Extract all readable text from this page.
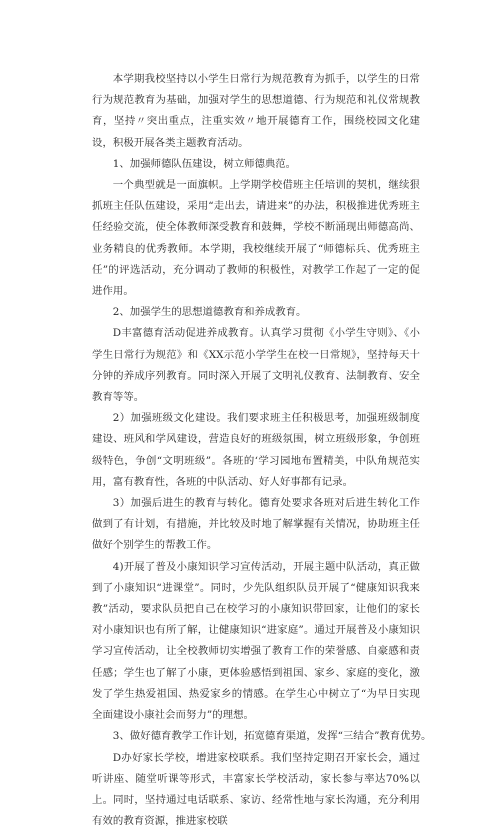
本学期我校坚持以小学生日常行为规范教育为抓手，以学生的日常行为规范教育为基础，加强对学生的思想道德、行为规范和礼仪常规教育，坚持〃突出重点，注重实效〃地开展德育工作，围绕校园文化建设，积极开展各类主题教育活动。

1、加强师德队伍建设，树立师德典范。

一个典型就是一面旗帜。上学期学校借班主任培训的契机，继续狠抓班主任队伍建设，采用“走出去，请进来”的办法，积极推进优秀班主任经验交流，使全体教师深受教育和鼓舞，学校不断涌现出师德高尚、业务精良的优秀教师。本学期，我校继续开展了“师德标兵、优秀班主任”的评选活动，充分调动了教师的积极性，对教学工作起了一定的促进作用。

2、加强学生的思想道德教育和养成教育。

D丰富德育活动促进养成教育。认真学习贯彻《小学生守则》、《小学生日常行为规范》和《XX示范小学学生在校一日常规》，坚持每天十分钟的养成序列教育。同时深入开展了文明礼仪教育、法制教育、安全教育等等。

2）加强班级文化建设。我们要求班主任积极思考，加强班级制度建设、班风和学风建设，营造良好的班级氛围，树立班级形象，争创班级特色，争创“文明班级”。各班的‘学习园地布置精美，中队角规范实用，富有教育性，各班的中队活动、好人好事都有记录。

3）加强后进生的教育与转化。德育处要求各班对后进生转化工作做到了有计划，有措施，并比较及时地了解掌握有关情况，协助班主任做好个别学生的帮教工作。

4)开展了普及小康知识学习宣传活动，开展主题中队活动，真正做到了小康知识“进课堂”。同时，少先队组织队员开展了“健康知识我来教”活动，要求队员把自己在校学习的小康知识带回家，让他们的家长对小康知识也有所了解，让健康知识“进家庭”。通过开展普及小康知识学习宣传活动，让全校教师切实增强了教育工作的荣誉感、自豪感和责任感；学生也了解了小康，更体验感悟到祖国、家乡、家庭的变化，激发了学生热爱祖国、热爱家乡的情感。在学生心中树立了“为早日实现全面建设小康社会而努力”的理想。

3、做好德育教学工作计划，拓宽德育渠道，发挥“三结合”教育优势。

D办好家长学校，增进家校联系。我们坚持定期召开家长会，通过听讲座、随堂听课等形式，丰富家长学校活动，家长参与率达70%以上。同时，坚持通过电话联系、家访、经常性地与家长沟通，充分利用有效的教育资源，推进家校联
